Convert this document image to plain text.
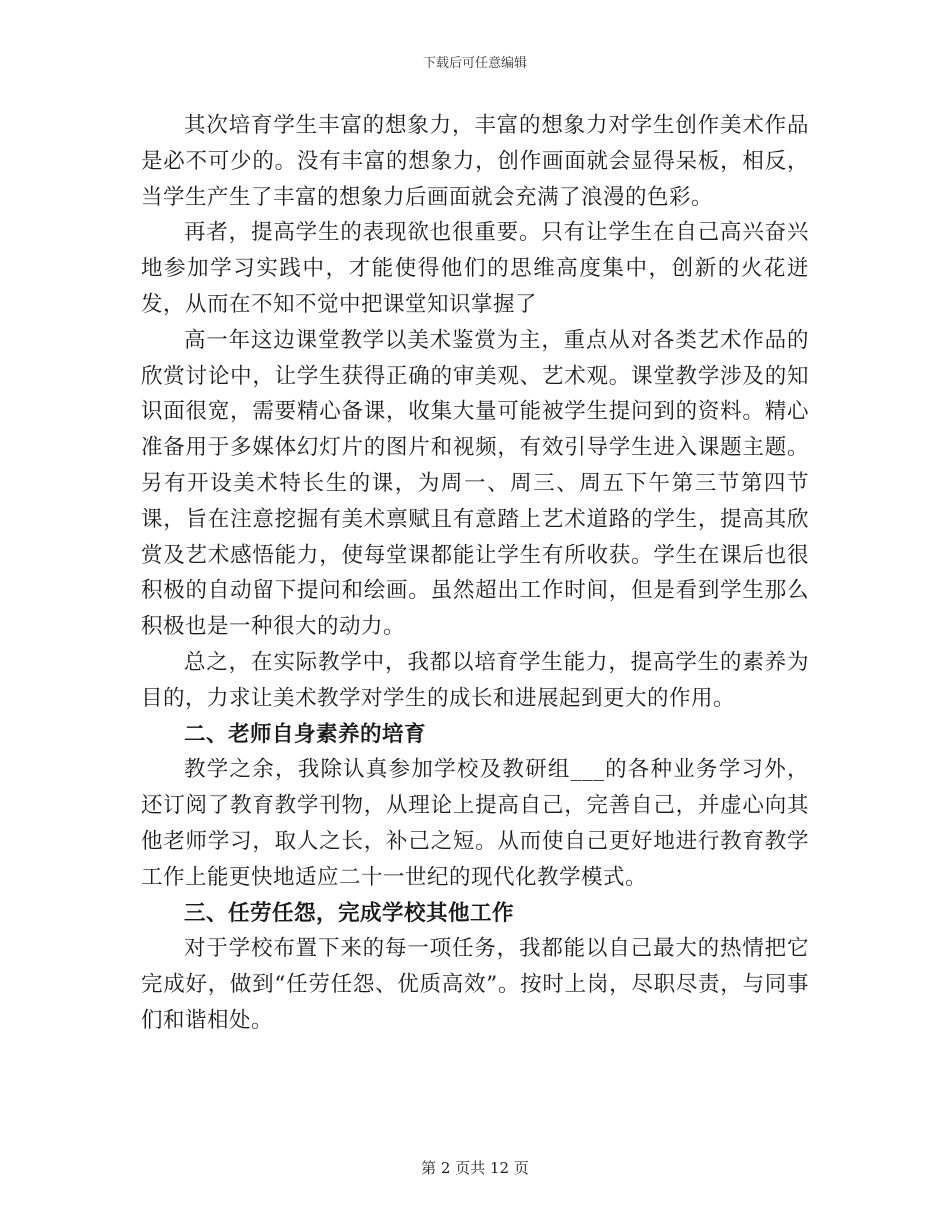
下载后可任意编辑

其次培育学生丰富的想象力，丰富的想象力对学生创作美术作品是必不可少的。没有丰富的想象力，创作画面就会显得呆板，相反，当学生产生了丰富的想象力后画面就会充满了浪漫的色彩。

再者，提高学生的表现欲也很重要。只有让学生在自己高兴奋兴地参加学习实践中，才能使得他们的思维高度集中，创新的火花迸发，从而在不知不觉中把课堂知识掌握了

高一年这边课堂教学以美术鉴赏为主，重点从对各类艺术作品的欣赏讨论中，让学生获得正确的审美观、艺术观。课堂教学涉及的知识面很宽，需要精心备课，收集大量可能被学生提问到的资料。精心准备用于多媒体幻灯片的图片和视频，有效引导学生进入课题主题。另有开设美术特长生的课，为周一、周三、周五下午第三节第四节课，旨在注意挖掘有美术禀赋且有意踏上艺术道路的学生，提高其欣赏及艺术感悟能力，使每堂课都能让学生有所收获。学生在课后也很积极的自动留下提问和绘画。虽然超出工作时间，但是看到学生那么积极也是一种很大的动力。

总之，在实际教学中，我都以培育学生能力，提高学生的素养为目的，力求让美术教学对学生的成长和进展起到更大的作用。

二、老师自身素养的培育

教学之余，我除认真参加学校及教研组___的各种业务学习外，还订阅了教育教学刊物，从理论上提高自己，完善自己，并虚心向其他老师学习，取人之长，补己之短。从而使自己更好地进行教育教学工作上能更快地适应二十一世纪的现代化教学模式。

三、任劳任怨，完成学校其他工作

对于学校布置下来的每一项任务，我都能以自己最大的热情把它完成好，做到“任劳任怨、优质高效”。按时上岗，尽职尽责，与同事们和谐相处。

第 2 页共 12 页
